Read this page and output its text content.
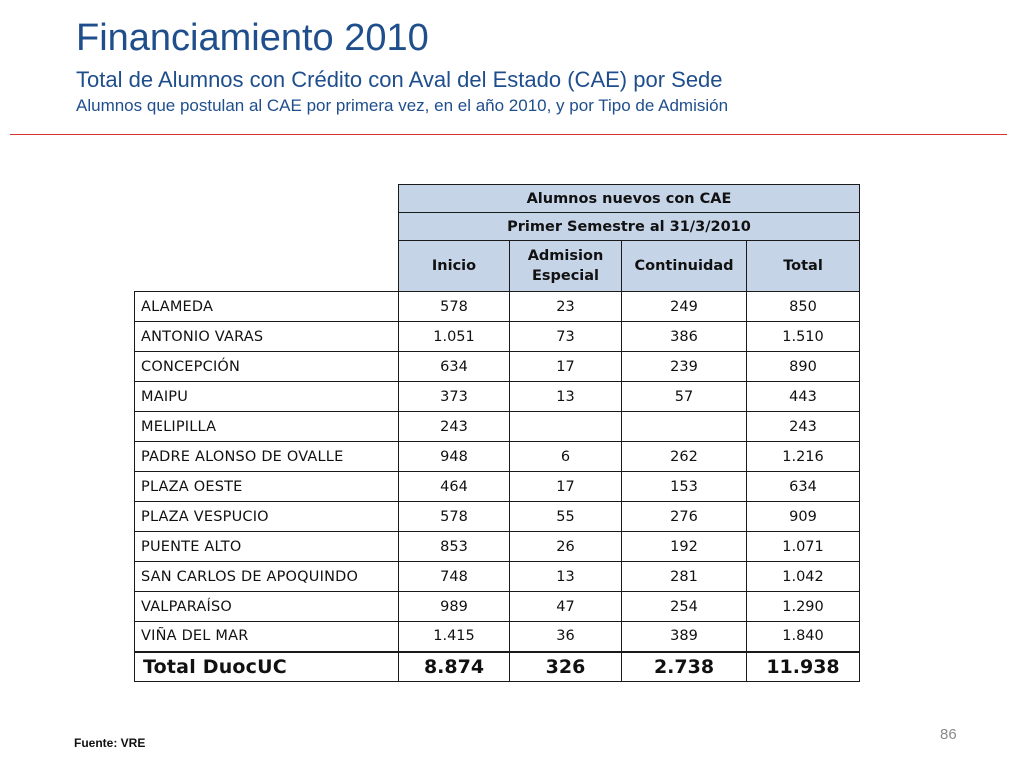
Financiamiento 2010
Total de Alumnos con Crédito con Aval del Estado (CAE) por Sede
Alumnos que postulan al CAE por primera vez, en el año 2010, y por Tipo de Admisión
	Alumnos nuevos con CAE			
	Primer Semestre al 31/3/2010			
	Inicio	Admision Especial	Continuidad	Total
ALAMEDA	578	23	249	850
ANTONIO VARAS	1.051	73	386	1.510
CONCEPCIÓN	634	17	239	890
MAIPU	373	13	57	443
MELIPILLA	243			243
PADRE ALONSO DE OVALLE	948	6	262	1.216
PLAZA OESTE	464	17	153	634
PLAZA VESPUCIO	578	55	276	909
PUENTE ALTO	853	26	192	1.071
SAN CARLOS DE APOQUINDO	748	13	281	1.042
VALPARAÍSO	989	47	254	1.290
VIÑA DEL MAR	1.415	36	389	1.840
Total DuocUC	8.874	326	2.738	11.938
Fuente: VRE	86
